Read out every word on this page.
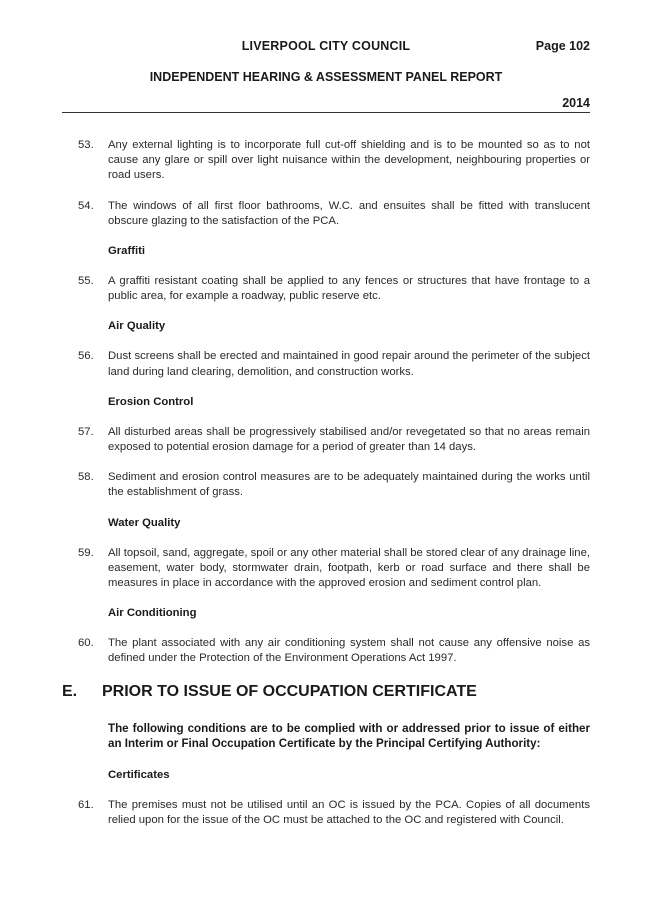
LIVERPOOL CITY COUNCIL	Page 102
INDEPENDENT HEARING & ASSESSMENT PANEL REPORT
2014
53. Any external lighting is to incorporate full cut-off shielding and is to be mounted so as to not cause any glare or spill over light nuisance within the development, neighbouring properties or road users.
54. The windows of all first floor bathrooms, W.C. and ensuites shall be fitted with translucent obscure glazing to the satisfaction of the PCA.
Graffiti
55. A graffiti resistant coating shall be applied to any fences or structures that have frontage to a public area, for example a roadway, public reserve etc.
Air Quality
56. Dust screens shall be erected and maintained in good repair around the perimeter of the subject land during land clearing, demolition, and construction works.
Erosion Control
57. All disturbed areas shall be progressively stabilised and/or revegetated so that no areas remain exposed to potential erosion damage for a period of greater than 14 days.
58. Sediment and erosion control measures are to be adequately maintained during the works until the establishment of grass.
Water Quality
59. All topsoil, sand, aggregate, spoil or any other material shall be stored clear of any drainage line, easement, water body, stormwater drain, footpath, kerb or road surface and there shall be measures in place in accordance with the approved erosion and sediment control plan.
Air Conditioning
60. The plant associated with any air conditioning system shall not cause any offensive noise as defined under the Protection of the Environment Operations Act 1997.
E.	PRIOR TO ISSUE OF OCCUPATION CERTIFICATE
The following conditions are to be complied with or addressed prior to issue of either an Interim or Final Occupation Certificate by the Principal Certifying Authority:
Certificates
61. The premises must not be utilised until an OC is issued by the PCA. Copies of all documents relied upon for the issue of the OC must be attached to the OC and registered with Council.
